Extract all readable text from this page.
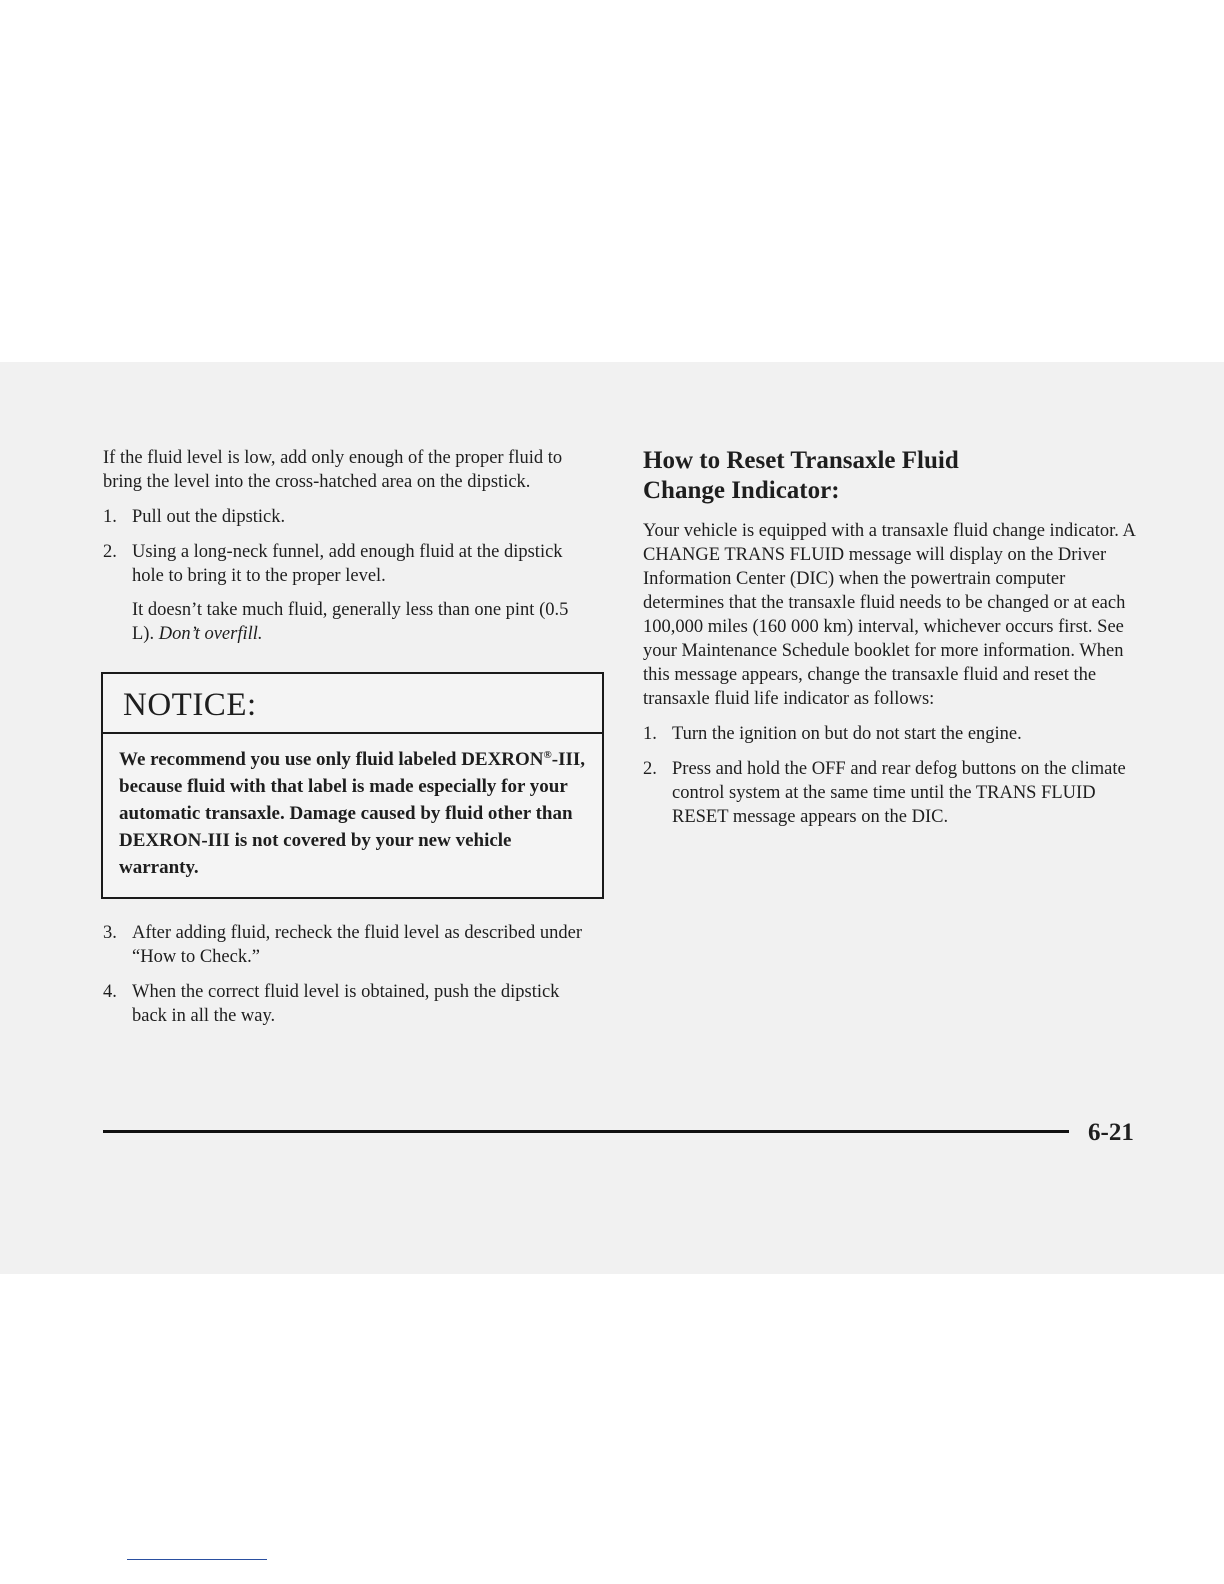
If the fluid level is low, add only enough of the proper fluid to bring the level into the cross-hatched area on the dipstick.

1. Pull out the dipstick.
2. Using a long-neck funnel, add enough fluid at the dipstick hole to bring it to the proper level.

It doesn’t take much fluid, generally less than one pint (0.5 L). Don’t overfill.

NOTICE:
We recommend you use only fluid labeled DEXRON®-III, because fluid with that label is made especially for your automatic transaxle. Damage caused by fluid other than DEXRON-III is not covered by your new vehicle warranty.
3. After adding fluid, recheck the fluid level as described under “How to Check.”
4. When the correct fluid level is obtained, push the dipstick back in all the way.
How to Reset Transaxle Fluid
Change Indicator:

Your vehicle is equipped with a transaxle fluid change indicator. A CHANGE TRANS FLUID message will display on the Driver Information Center (DIC) when the powertrain computer determines that the transaxle fluid needs to be changed or at each 100,000 miles (160 000 km) interval, whichever occurs first. See your Maintenance Schedule booklet for more information. When this message appears, change the transaxle fluid and reset the transaxle fluid life indicator as follows:

1. Turn the ignition on but do not start the engine.
2. Press and hold the OFF and rear defog buttons on the climate control system at the same time until the TRANS FLUID RESET message appears on the DIC.
6-21
